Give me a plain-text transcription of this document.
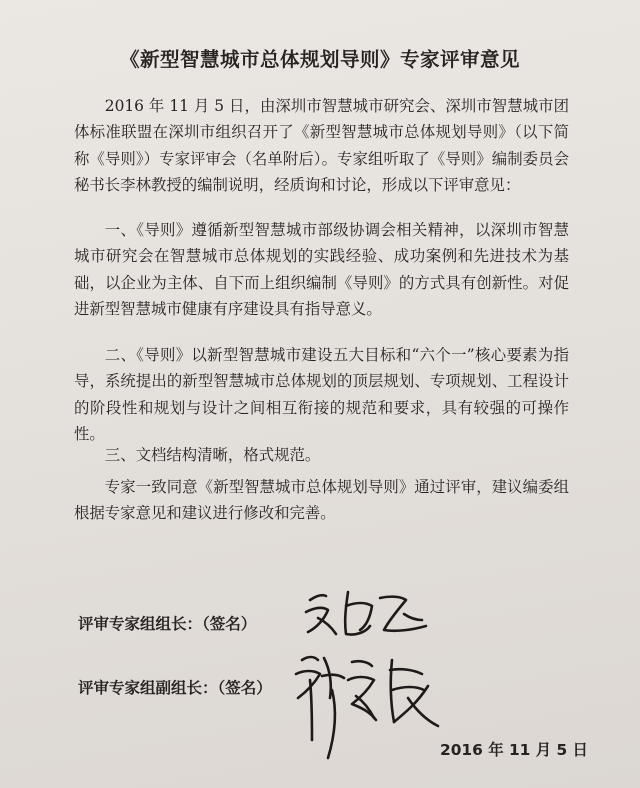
《新型智慧城市总体规划导则》专家评审意见

2016 年 11 月 5 日，由深圳市智慧城市研究会、深圳市智慧城市团体标准联盟在深圳市组织召开了《新型智慧城市总体规划导则》（以下简称《导则》）专家评审会（名单附后）。专家组听取了《导则》编制委员会秘书长李林教授的编制说明，经质询和讨论，形成以下评审意见：

一、《导则》遵循新型智慧城市部级协调会相关精神，以深圳市智慧城市研究会在智慧城市总体规划的实践经验、成功案例和先进技术为基础，以企业为主体、自下而上组织编制《导则》的方式具有创新性。对促进新型智慧城市健康有序建设具有指导意义。

二、《导则》以新型智慧城市建设五大目标和“六个一”核心要素为指导，系统提出的新型智慧城市总体规划的顶层规划、专项规划、工程设计的阶段性和规划与设计之间相互衔接的规范和要求，具有较强的可操作性。

三、文档结构清晰，格式规范。

专家一致同意《新型智慧城市总体规划导则》通过评审，建议编委组根据专家意见和建议进行修改和完善。

评审专家组组长：（签名）
评审专家组副组长：（签名）
2016 年 11 月 5 日
